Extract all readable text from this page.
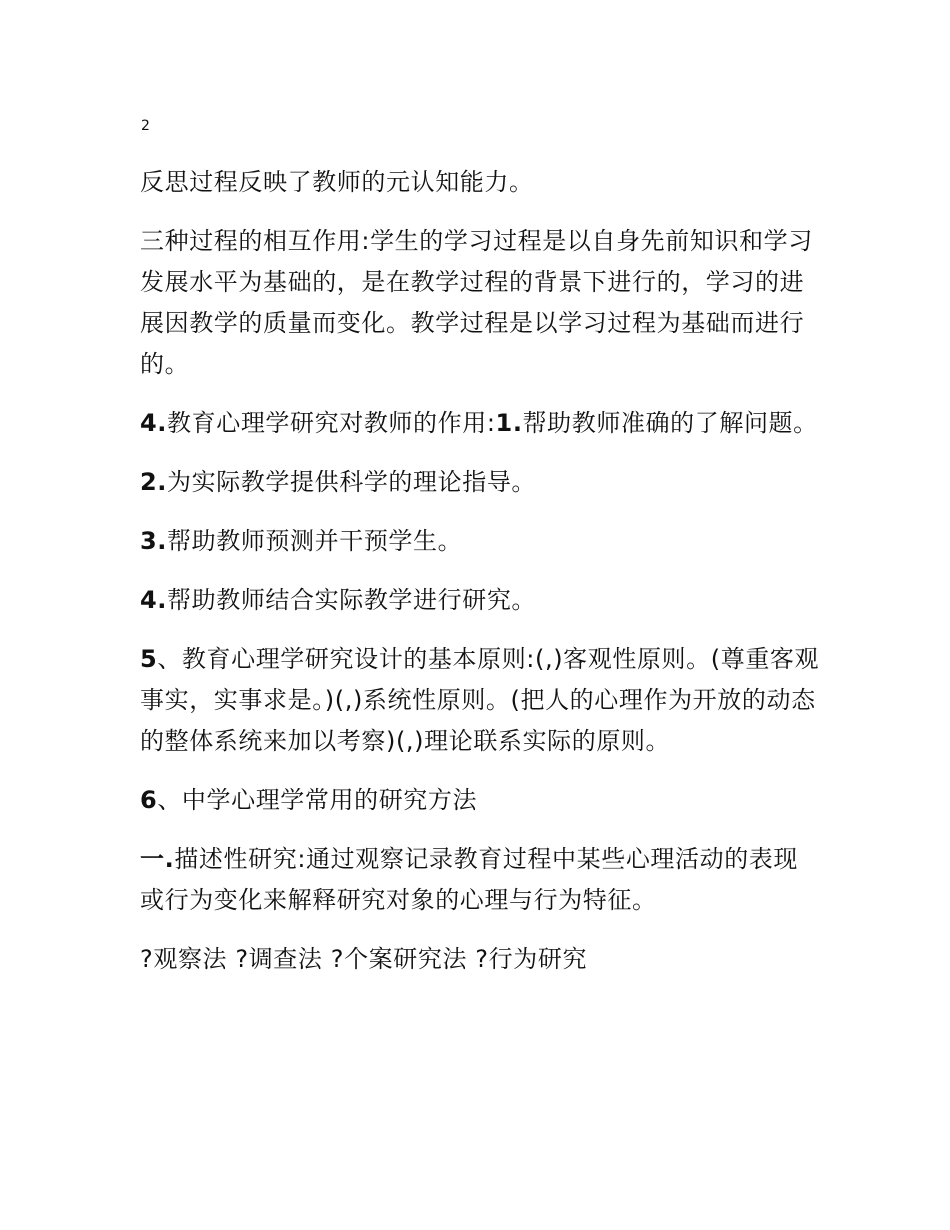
2

反思过程反映了教师的元认知能力。

三种过程的相互作用:学生的学习过程是以自身先前知识和学习发展水平为基础的，是在教学过程的背景下进行的，学习的进展因教学的质量而变化。教学过程是以学习过程为基础而进行的。

4.教育心理学研究对教师的作用:1.帮助教师准确的了解问题。

2.为实际教学提供科学的理论指导。

3.帮助教师预测并干预学生。

4.帮助教师结合实际教学进行研究。

5、教育心理学研究设计的基本原则:(,)客观性原则。(尊重客观事实，实事求是。)(,)系统性原则。(把人的心理作为开放的动态的整体系统来加以考察)(,)理论联系实际的原则。

6、中学心理学常用的研究方法

一.描述性研究:通过观察记录教育过程中某些心理活动的表现或行为变化来解释研究对象的心理与行为特征。

?观察法 ?调查法 ?个案研究法 ?行为研究
